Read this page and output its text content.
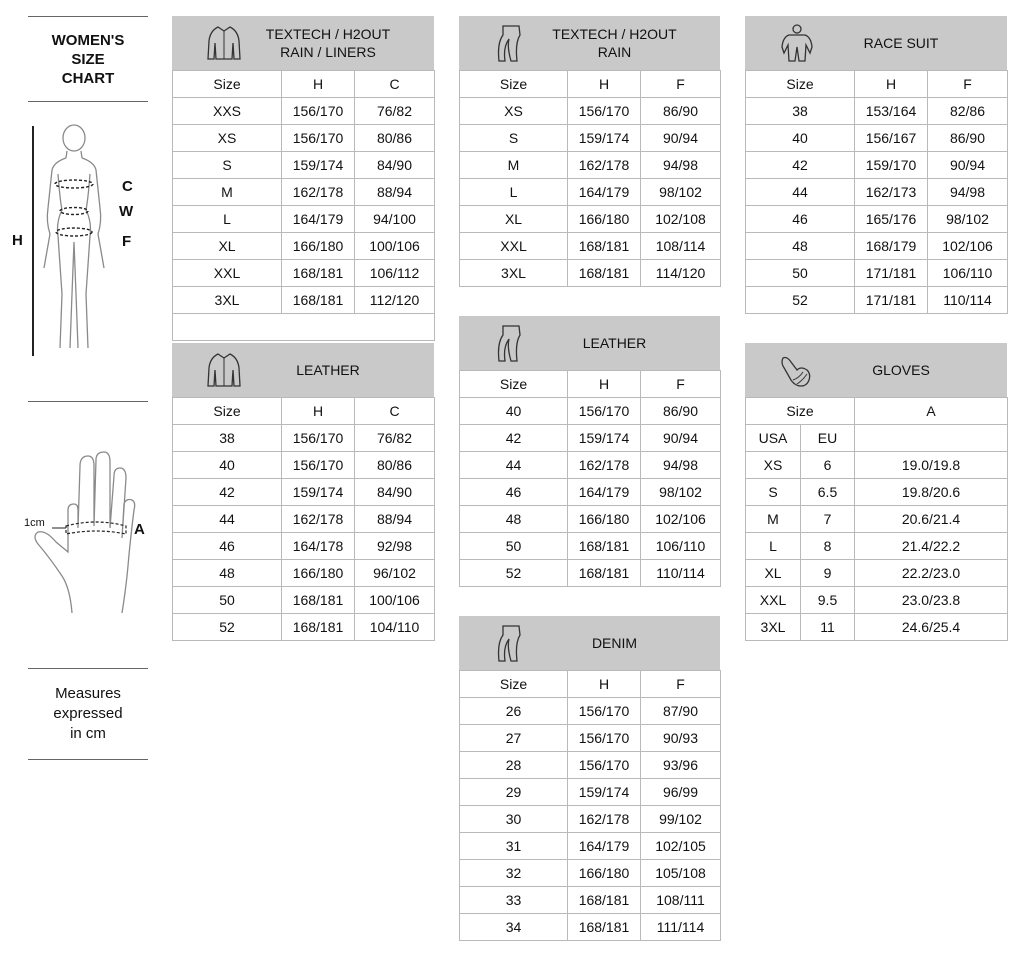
WOMEN'S
SIZE
CHART
H
C
W
F
1cm	A
Measures
expressed
in cm
TEXTECH / H2OUT
RAIN / LINERS
Size	H	C
XXS	156/170	76/82
XS	156/170	80/86
S	159/174	84/90
M	162/178	88/94
L	164/179	94/100
XL	166/180	100/106
XXL	168/181	106/112
3XL	168/181	112/120

LEATHER
Size	H	C
38	156/170	76/82
40	156/170	80/86
42	159/174	84/90
44	162/178	88/94
46	164/178	92/98
48	166/180	96/102
50	168/181	100/106
52	168/181	104/110
TEXTECH / H2OUT
RAIN
Size	H	F
XS	156/170	86/90
S	159/174	90/94
M	162/178	94/98
L	164/179	98/102
XL	166/180	102/108
XXL	168/181	108/114
3XL	168/181	114/120
LEATHER
Size	H	F
40	156/170	86/90
42	159/174	90/94
44	162/178	94/98
46	164/179	98/102
48	166/180	102/106
50	168/181	106/110
52	168/181	110/114
DENIM
Size	H	F
26	156/170	87/90
27	156/170	90/93
28	156/170	93/96
29	159/174	96/99
30	162/178	99/102
31	164/179	102/105
32	166/180	105/108
33	168/181	108/111
34	168/181	111/114
RACE SUIT
Size	H	F
38	153/164	82/86
40	156/167	86/90
42	159/170	90/94
44	162/173	94/98
46	165/176	98/102
48	168/179	102/106
50	171/181	106/110
52	171/181	110/114
GLOVES
Size		A
USA	EU	
XS	6	19.0/19.8
S	6.5	19.8/20.6
M	7	20.6/21.4
L	8	21.4/22.2
XL	9	22.2/23.0
XXL	9.5	23.0/23.8
3XL	11	24.6/25.4
